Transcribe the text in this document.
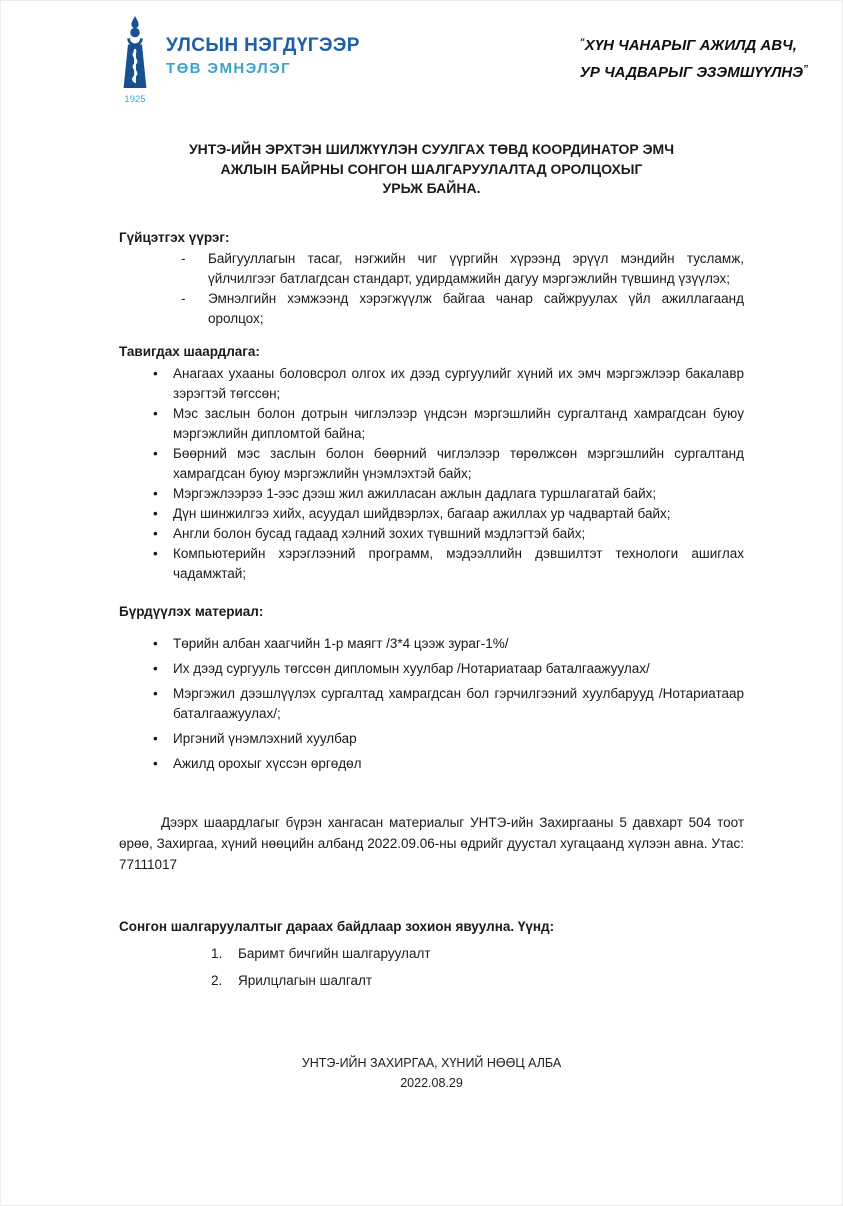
1925
УЛСЫН НЭГДҮГЭЭР
ТӨВ ЭМНЭЛЭГ
“ХҮН ЧАНАРЫГ АЖИЛД АВЧ,
УР ЧАДВАРЫГ ЭЗЭМШҮҮЛНЭ”
УНТЭ-ИЙН ЭРХТЭН ШИЛЖҮҮЛЭН СУУЛГАХ ТӨВД КООРДИНАТОР ЭМЧ
АЖЛЫН БАЙРНЫ СОНГОН ШАЛГАРУУЛАЛТАД ОРОЛЦОХЫГ
УРЬЖ БАЙНА.
Гүйцэтгэх үүрэг:
- Байгууллагын тасаг, нэгжийн чиг үүргийн хүрээнд эрүүл мэндийн тусламж, үйлчилгээг батлагдсан стандарт, удирдамжийн дагуу мэргэжлийн түвшинд үзүүлэх;
- Эмнэлгийн хэмжээнд хэрэгжүүлж байгаа чанар сайжруулах үйл ажиллагаанд оролцох;
Тавигдах шаардлага:
• Анагаах ухааны боловсрол олгох их дээд сургуулийг хүний их эмч мэргэжлээр бакалавр зэрэгтэй төгссөн;
• Мэс заслын болон дотрын чиглэлээр үндсэн мэргэшлийн сургалтанд хамрагдсан буюу мэргэжлийн дипломтой байна;
• Бөөрний мэс заслын болон бөөрний чиглэлээр төрөлжсөн мэргэшлийн сургалтанд хамрагдсан буюу мэргэжлийн үнэмлэхтэй байх;
• Мэргэжлээрээ 1-ээс дээш жил ажилласан ажлын дадлага туршлагатай байх;
• Дүн шинжилгээ хийх, асуудал шийдвэрлэх, багаар ажиллах ур чадвартай байх;
• Англи болон бусад гадаад хэлний зохих түвшний мэдлэгтэй байх;
• Компьютерийн хэрэглээний программ, мэдээллийн дэвшилтэт технологи ашиглах чадамжтай;
Бүрдүүлэх материал:
• Төрийн албан хаагчийн 1-р маягт /3*4 цээж зураг-1%/
• Их дээд сургууль төгссөн дипломын хуулбар /Нотариатаар баталгаажуулах/
• Мэргэжил дээшлүүлэх сургалтад хамрагдсан бол гэрчилгээний хуулбарууд /Нотариатаар баталгаажуулах/;
• Иргэний үнэмлэхний хуулбар
• Ажилд орохыг хүссэн өргөдөл

Дээрх шаардлагыг бүрэн хангасан материалыг УНТЭ-ийн Захиргааны 5 давхарт 504 тоот өрөө, Захиргаа, хүний нөөцийн албанд 2022.09.06-ны өдрийг дуустал хугацаанд хүлээн авна. Утас: 77111017

Сонгон шалгаруулалтыг дараах байдлаар зохион явуулна. Үүнд:
Баримт бичгийн шалгаруулалт
Ярилцлагын шалгалт
УНТЭ-ИЙН ЗАХИРГАА, ХҮНИЙ НӨӨЦ АЛБА
2022.08.29
